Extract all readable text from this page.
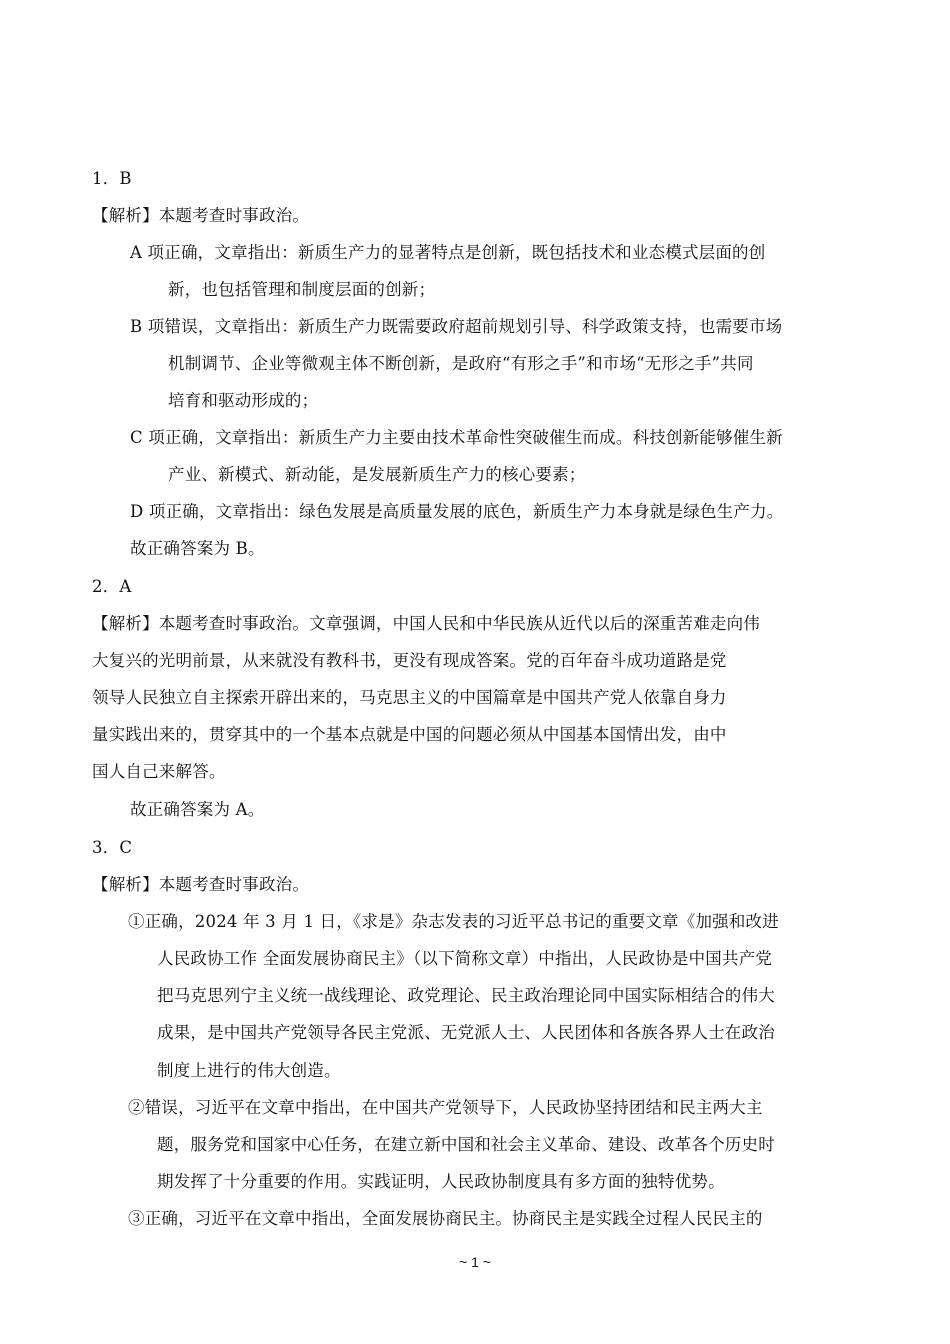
1．B
【解析】本题考查时事政治。
A 项正确，文章指出：新质生产力的显著特点是创新，既包括技术和业态模式层面的创
新，也包括管理和制度层面的创新；
B 项错误，文章指出：新质生产力既需要政府超前规划引导、科学政策支持，也需要市场
机制调节、企业等微观主体不断创新，是政府“有形之手”和市场“无形之手”共同
培育和驱动形成的；
C 项正确，文章指出：新质生产力主要由技术革命性突破催生而成。科技创新能够催生新
产业、新模式、新动能，是发展新质生产力的核心要素；
D 项正确，文章指出：绿色发展是高质量发展的底色，新质生产力本身就是绿色生产力。
故正确答案为 B。
2．A
【解析】本题考查时事政治。文章强调，中国人民和中华民族从近代以后的深重苦难走向伟
大复兴的光明前景，从来就没有教科书，更没有现成答案。党的百年奋斗成功道路是党
领导人民独立自主探索开辟出来的，马克思主义的中国篇章是中国共产党人依靠自身力
量实践出来的，贯穿其中的一个基本点就是中国的问题必须从中国基本国情出发，由中
国人自己来解答。
故正确答案为 A。
3．C
【解析】本题考查时事政治。
①正确，2024 年 3 月 1 日，《求是》杂志发表的习近平总书记的重要文章《加强和改进
人民政协工作 全面发展协商民主》（以下简称文章）中指出，人民政协是中国共产党
把马克思列宁主义统一战线理论、政党理论、民主政治理论同中国实际相结合的伟大
成果，是中国共产党领导各民主党派、无党派人士、人民团体和各族各界人士在政治
制度上进行的伟大创造。
②错误，习近平在文章中指出，在中国共产党领导下，人民政协坚持团结和民主两大主
题，服务党和国家中心任务，在建立新中国和社会主义革命、建设、改革各个历史时
期发挥了十分重要的作用。实践证明，人民政协制度具有多方面的独特优势。
③正确，习近平在文章中指出，全面发展协商民主。协商民主是实践全过程人民民主的
~ 1 ~
